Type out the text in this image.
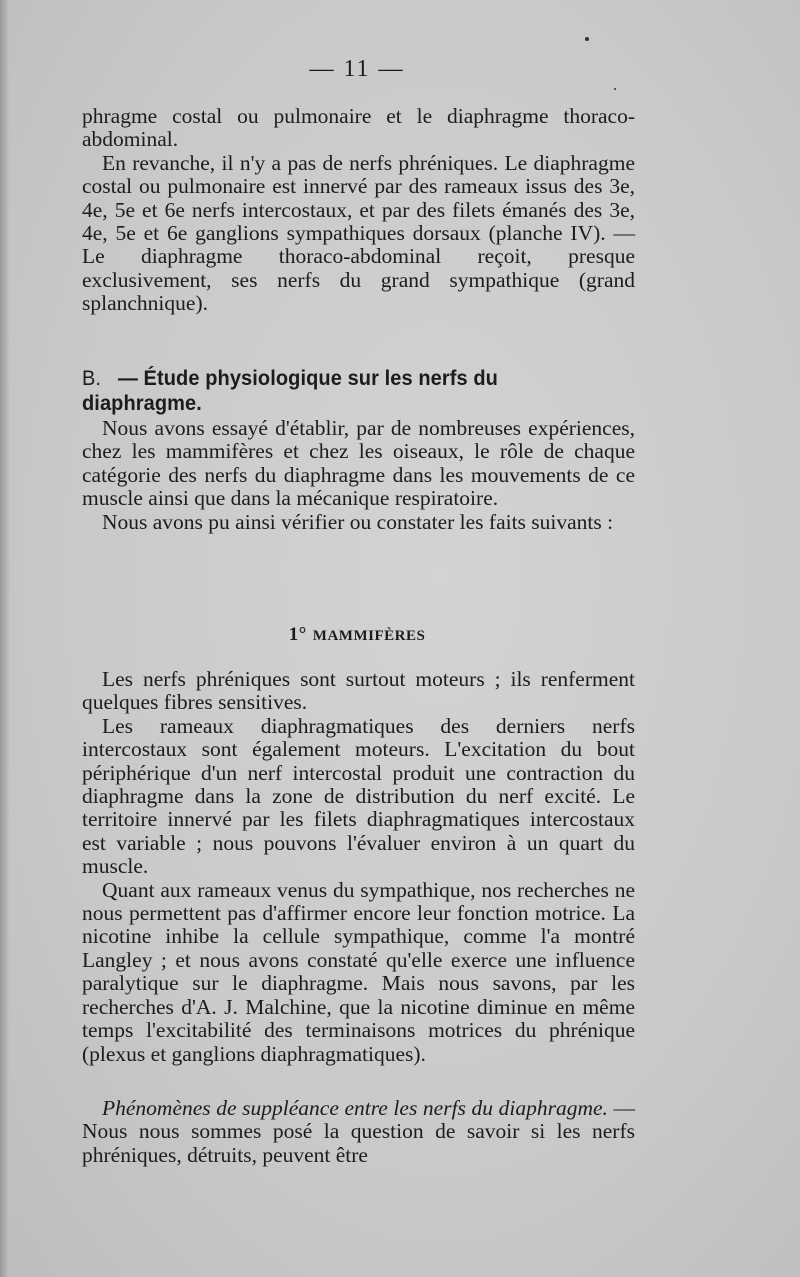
— 11 —

phragme costal ou pulmonaire et le diaphragme thoraco-abdominal.

En revanche, il n'y a pas de nerfs phréniques. Le diaphragme costal ou pulmonaire est innervé par des rameaux issus des 3e, 4e, 5e et 6e nerfs intercostaux, et par des filets émanés des 3e, 4e, 5e et 6e ganglions sympathiques dorsaux (planche IV). — Le diaphragme thoraco-abdominal reçoit, presque exclusivement, ses nerfs du grand sympathique (grand splanchnique).

B. — Étude physiologique sur les nerfs du diaphragme.

Nous avons essayé d'établir, par de nombreuses expériences, chez les mammifères et chez les oiseaux, le rôle de chaque catégorie des nerfs du diaphragme dans les mouvements de ce muscle ainsi que dans la mécanique respiratoire.

Nous avons pu ainsi vérifier ou constater les faits suivants :

1° MAMMIFÈRES

Les nerfs phréniques sont surtout moteurs ; ils renferment quelques fibres sensitives.

Les rameaux diaphragmatiques des derniers nerfs intercostaux sont également moteurs. L'excitation du bout périphérique d'un nerf intercostal produit une contraction du diaphragme dans la zone de distribution du nerf excité. Le territoire innervé par les filets diaphragmatiques intercostaux est variable ; nous pouvons l'évaluer environ à un quart du muscle.

Quant aux rameaux venus du sympathique, nos recherches ne nous permettent pas d'affirmer encore leur fonction motrice. La nicotine inhibe la cellule sympathique, comme l'a montré Langley ; et nous avons constaté qu'elle exerce une influence paralytique sur le diaphragme. Mais nous savons, par les recherches d'A. J. Malchine, que la nicotine diminue en même temps l'excitabilité des terminaisons motrices du phrénique (plexus et ganglions diaphragmatiques).

Phénomènes de suppléance entre les nerfs du diaphragme. — Nous nous sommes posé la question de savoir si les nerfs phréniques, détruits, peuvent être
